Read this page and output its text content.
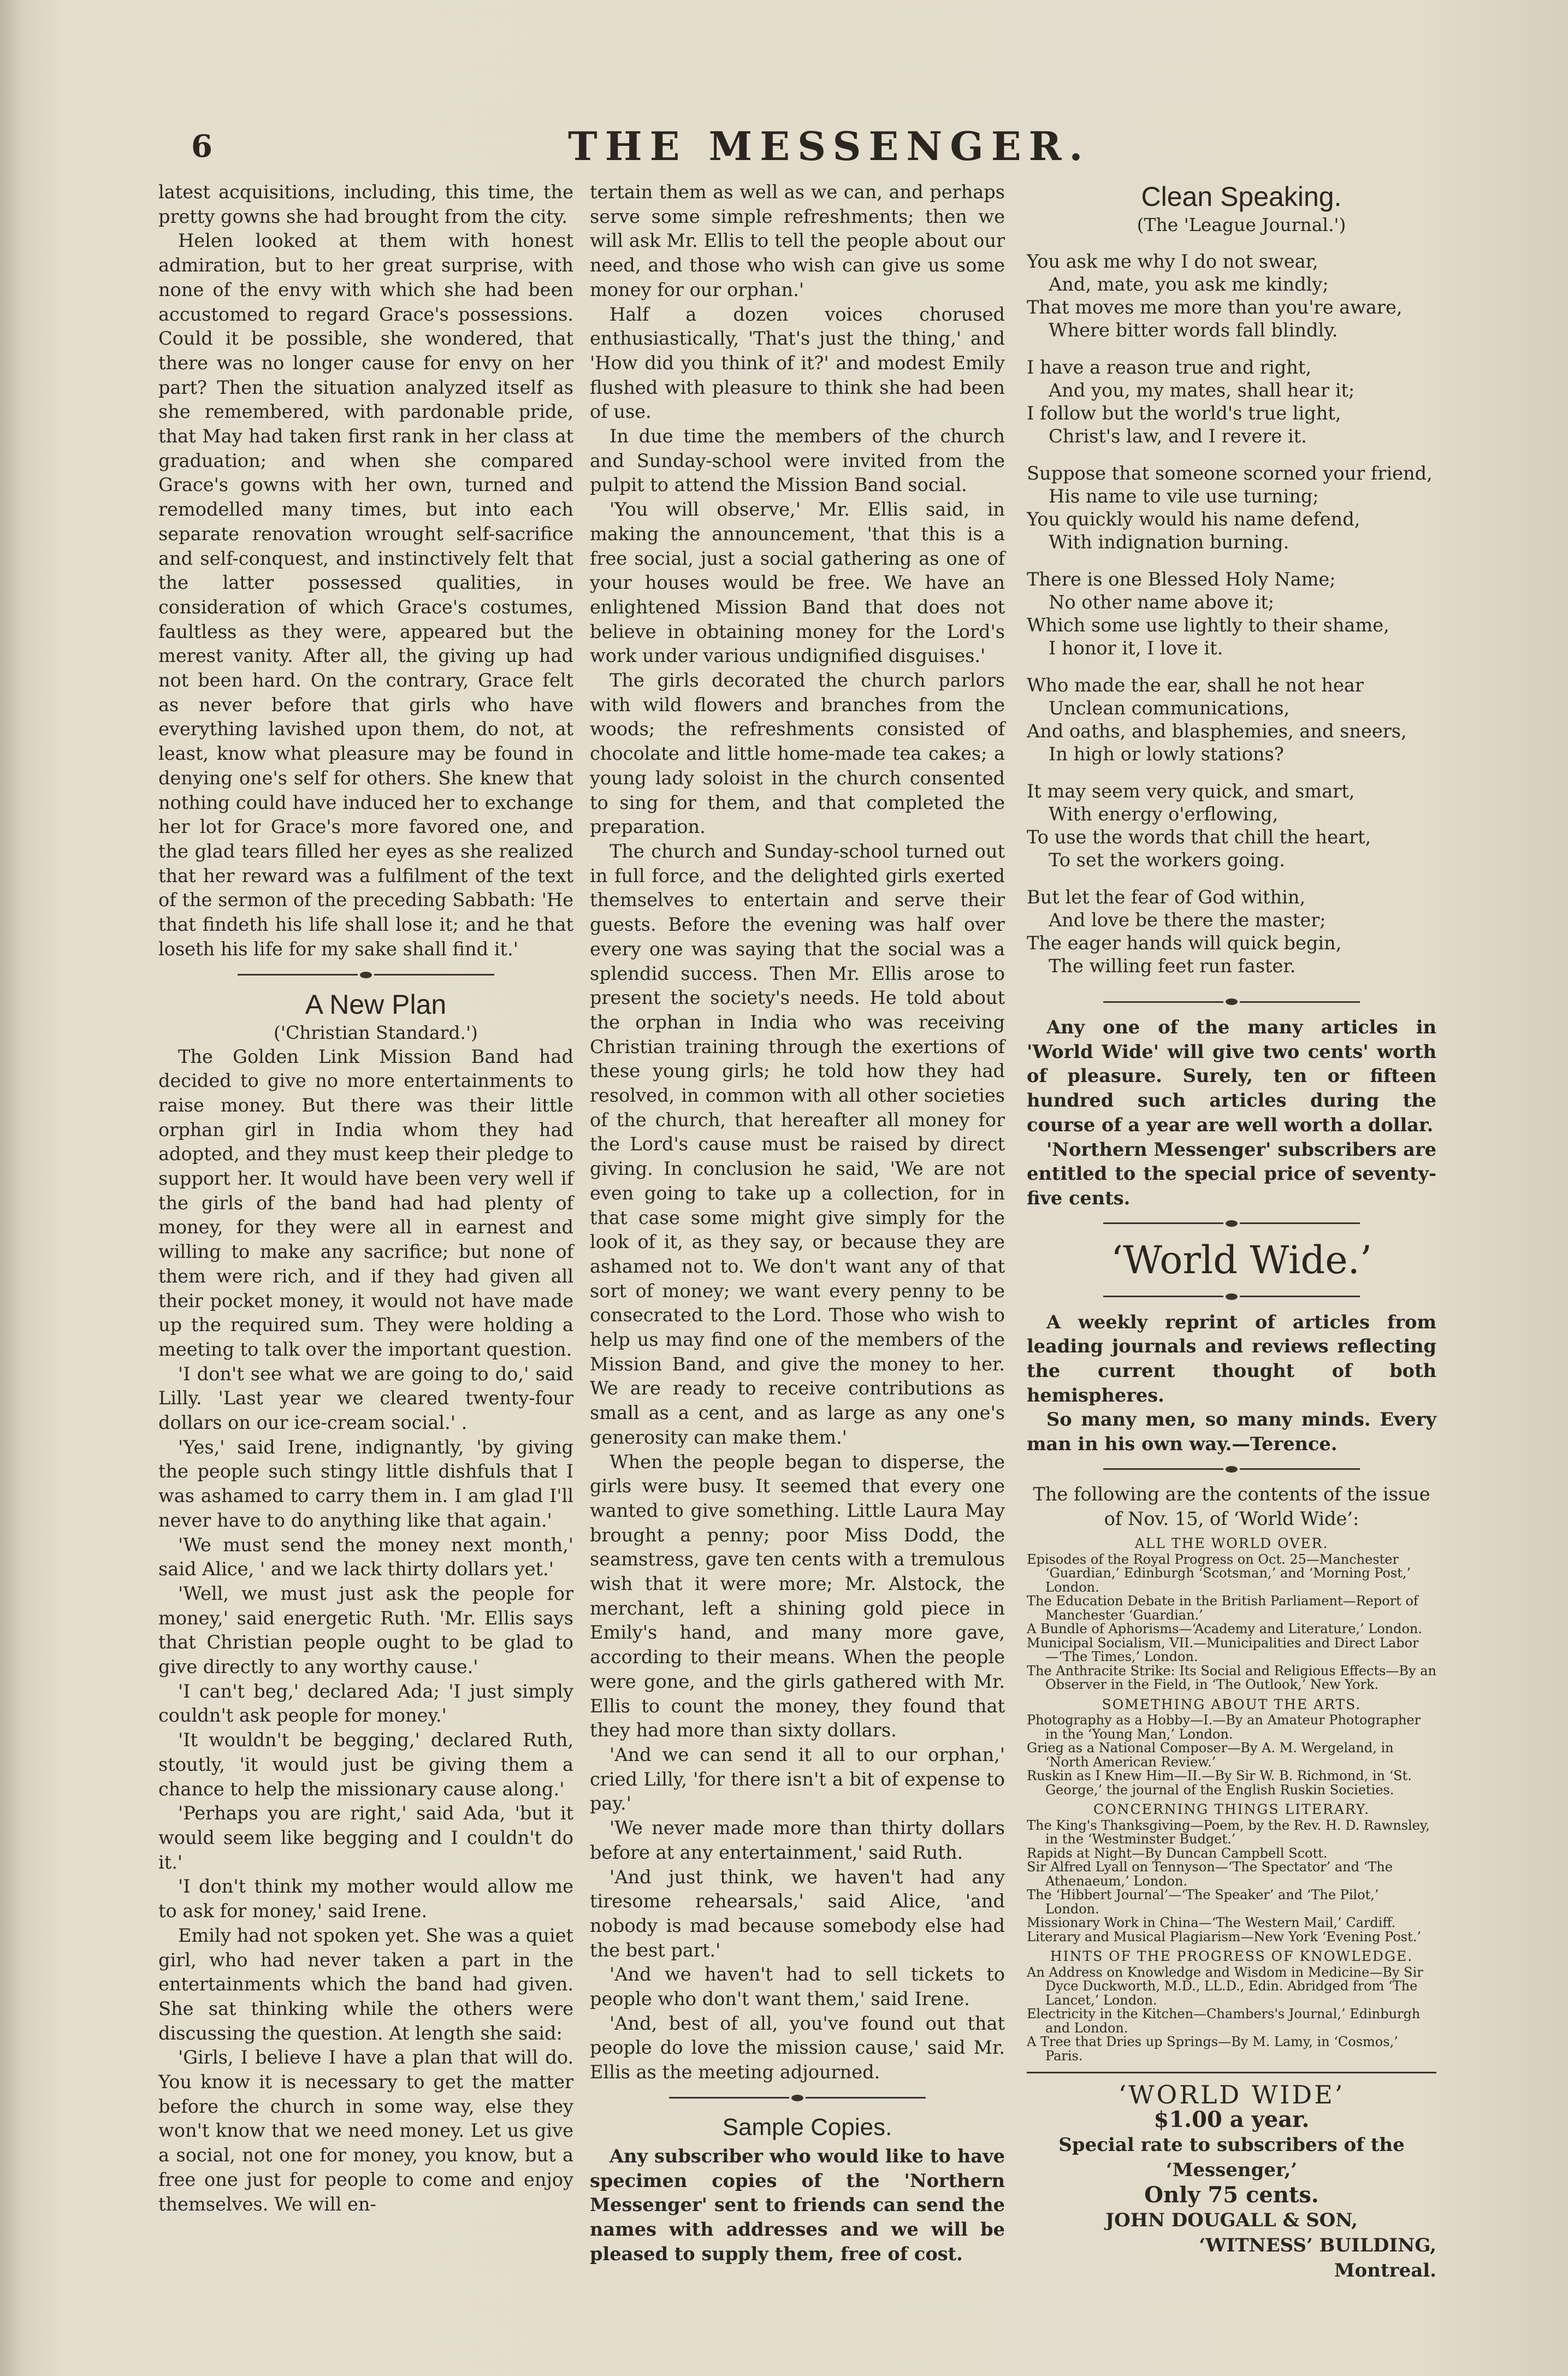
6	THE MESSENGER.

latest acquisitions, including, this time, the pretty gowns she had brought from the city.

Helen looked at them with honest admiration, but to her great surprise, with none of the envy with which she had been accustomed to regard Grace's possessions. Could it be possible, she wondered, that there was no longer cause for envy on her part? Then the situation analyzed itself as she remembered, with pardonable pride, that May had taken first rank in her class at graduation; and when she compared Grace's gowns with her own, turned and remodelled many times, but into each separate renovation wrought self-sacrifice and self-conquest, and instinctively felt that the latter possessed qualities, in consideration of which Grace's costumes, faultless as they were, appeared but the merest vanity. After all, the giving up had not been hard. On the contrary, Grace felt as never before that girls who have everything lavished upon them, do not, at least, know what pleasure may be found in denying one's self for others. She knew that nothing could have induced her to exchange her lot for Grace's more favored one, and the glad tears filled her eyes as she realized that her reward was a fulfilment of the text of the sermon of the preceding Sabbath: 'He that findeth his life shall lose it; and he that loseth his life for my sake shall find it.'

A New Plan

('Christian Standard.')

The Golden Link Mission Band had decided to give no more entertainments to raise money. But there was their little orphan girl in India whom they had adopted, and they must keep their pledge to support her. It would have been very well if the girls of the band had had plenty of money, for they were all in earnest and willing to make any sacrifice; but none of them were rich, and if they had given all their pocket money, it would not have made up the required sum. They were holding a meeting to talk over the important question.

'I don't see what we are going to do,' said Lilly. 'Last year we cleared twenty-four dollars on our ice-cream social.' .

'Yes,' said Irene, indignantly, 'by giving the people such stingy little dishfuls that I was ashamed to carry them in. I am glad I'll never have to do anything like that again.'

'We must send the money next month,' said Alice, ' and we lack thirty dollars yet.'

'Well, we must just ask the people for money,' said energetic Ruth. 'Mr. Ellis says that Christian people ought to be glad to give directly to any worthy cause.'

'I can't beg,' declared Ada; 'I just simply couldn't ask people for money.'

'It wouldn't be begging,' declared Ruth, stoutly, 'it would just be giving them a chance to help the missionary cause along.'

'Perhaps you are right,' said Ada, 'but it would seem like begging and I couldn't do it.'

'I don't think my mother would allow me to ask for money,' said Irene.

Emily had not spoken yet. She was a quiet girl, who had never taken a part in the entertainments which the band had given. She sat thinking while the others were discussing the question. At length she said:

'Girls, I believe I have a plan that will do. You know it is necessary to get the matter before the church in some way, else they won't know that we need money. Let us give a social, not one for money, you know, but a free one just for people to come and enjoy themselves. We will en-

tertain them as well as we can, and perhaps serve some simple refreshments; then we will ask Mr. Ellis to tell the people about our need, and those who wish can give us some money for our orphan.'

Half a dozen voices chorused enthusiastically, 'That's just the thing,' and 'How did you think of it?' and modest Emily flushed with pleasure to think she had been of use.

In due time the members of the church and Sunday-school were invited from the pulpit to attend the Mission Band social.

'You will observe,' Mr. Ellis said, in making the announcement, 'that this is a free social, just a social gathering as one of your houses would be free. We have an enlightened Mission Band that does not believe in obtaining money for the Lord's work under various undignified disguises.'

The girls decorated the church parlors with wild flowers and branches from the woods; the refreshments consisted of chocolate and little home-made tea cakes; a young lady soloist in the church consented to sing for them, and that completed the preparation.

The church and Sunday-school turned out in full force, and the delighted girls exerted themselves to entertain and serve their guests. Before the evening was half over every one was saying that the social was a splendid success. Then Mr. Ellis arose to present the society's needs. He told about the orphan in India who was receiving Christian training through the exertions of these young girls; he told how they had resolved, in common with all other societies of the church, that hereafter all money for the Lord's cause must be raised by direct giving. In conclusion he said, 'We are not even going to take up a collection, for in that case some might give simply for the look of it, as they say, or because they are ashamed not to. We don't want any of that sort of money; we want every penny to be consecrated to the Lord. Those who wish to help us may find one of the members of the Mission Band, and give the money to her. We are ready to receive contributions as small as a cent, and as large as any one's generosity can make them.'

When the people began to disperse, the girls were busy. It seemed that every one wanted to give something. Little Laura May brought a penny; poor Miss Dodd, the seamstress, gave ten cents with a tremulous wish that it were more; Mr. Alstock, the merchant, left a shining gold piece in Emily's hand, and many more gave, according to their means. When the people were gone, and the girls gathered with Mr. Ellis to count the money, they found that they had more than sixty dollars.

'And we can send it all to our orphan,' cried Lilly, 'for there isn't a bit of expense to pay.'

'We never made more than thirty dollars before at any entertainment,' said Ruth.

'And just think, we haven't had any tiresome rehearsals,' said Alice, 'and nobody is mad because somebody else had the best part.'

'And we haven't had to sell tickets to people who don't want them,' said Irene.

'And, best of all, you've found out that people do love the mission cause,' said Mr. Ellis as the meeting adjourned.

Sample Copies.

Any subscriber who would like to have specimen copies of the 'Northern Messenger' sent to friends can send the names with addresses and we will be pleased to supply them, free of cost.

Clean Speaking.

(The 'League Journal.')

You ask me why I do not swear,
And, mate, you ask me kindly;
That moves me more than you're aware,
Where bitter words fall blindly.
I have a reason true and right,
And you, my mates, shall hear it;
I follow but the world's true light,
Christ's law, and I revere it.
Suppose that someone scorned your friend,
His name to vile use turning;
You quickly would his name defend,
With indignation burning.
There is one Blessed Holy Name;
No other name above it;
Which some use lightly to their shame,
I honor it, I love it.
Who made the ear, shall he not hear
Unclean communications,
And oaths, and blasphemies, and sneers,
In high or lowly stations?
It may seem very quick, and smart,
With energy o'erflowing,
To use the words that chill the heart,
To set the workers going.
But let the fear of God within,
And love be there the master;
The eager hands will quick begin,
The willing feet run faster.

Any one of the many articles in 'World Wide' will give two cents' worth of pleasure. Surely, ten or fifteen hundred such articles during the course of a year are well worth a dollar.

'Northern Messenger' subscribers are entitled to the special price of seventy-five cents.

‘World Wide.’

A weekly reprint of articles from leading journals and reviews reflecting the current thought of both hemispheres.

So many men, so many minds. Every man in his own way.—Terence.

The following are the contents of the issue of Nov. 15, of ‘World Wide’:

ALL THE WORLD OVER.
Episodes of the Royal Progress on Oct. 25—Manchester ‘Guardian,’ Edinburgh ‘Scotsman,’ and ‘Morning Post,’ London.
The Education Debate in the British Parliament—Report of Manchester ‘Guardian.’
A Bundle of Aphorisms—‘Academy and Literature,’ London.
Municipal Socialism, VII.—Municipalities and Direct Labor—‘The Times,’ London.
The Anthracite Strike: Its Social and Religious Effects—By an Observer in the Field, in ‘The Outlook,’ New York.
SOMETHING ABOUT THE ARTS.
Photography as a Hobby—I.—By an Amateur Photographer in the ‘Young Man,’ London.
Grieg as a National Composer—By A. M. Wergeland, in ‘North American Review.’
Ruskin as I Knew Him—II.—By Sir W. B. Richmond, in ‘St. George,’ the journal of the English Ruskin Societies.
CONCERNING THINGS LITERARY.
The King's Thanksgiving—Poem, by the Rev. H. D. Rawnsley, in the ‘Westminster Budget.’
Rapids at Night—By Duncan Campbell Scott.
Sir Alfred Lyall on Tennyson—‘The Spectator’ and ‘The Athenaeum,’ London.
The ‘Hibbert Journal’—‘The Speaker’ and ‘The Pilot,’ London.
Missionary Work in China—‘The Western Mail,’ Cardiff.
Literary and Musical Plagiarism—New York ‘Evening Post.’
HINTS OF THE PROGRESS OF KNOWLEDGE.
An Address on Knowledge and Wisdom in Medicine—By Sir Dyce Duckworth, M.D., LL.D., Edin. Abridged from ‘The Lancet,’ London.
Electricity in the Kitchen—Chambers's Journal,’ Edinburgh and London.
A Tree that Dries up Springs—By M. Lamy, in ‘Cosmos,’ Paris.
‘WORLD WIDE’
$1.00 a year.
Special rate to subscribers of the ‘Messenger,’
Only 75 cents.
JOHN DOUGALL & SON,
‘WITNESS’ BUILDING,
Montreal.
